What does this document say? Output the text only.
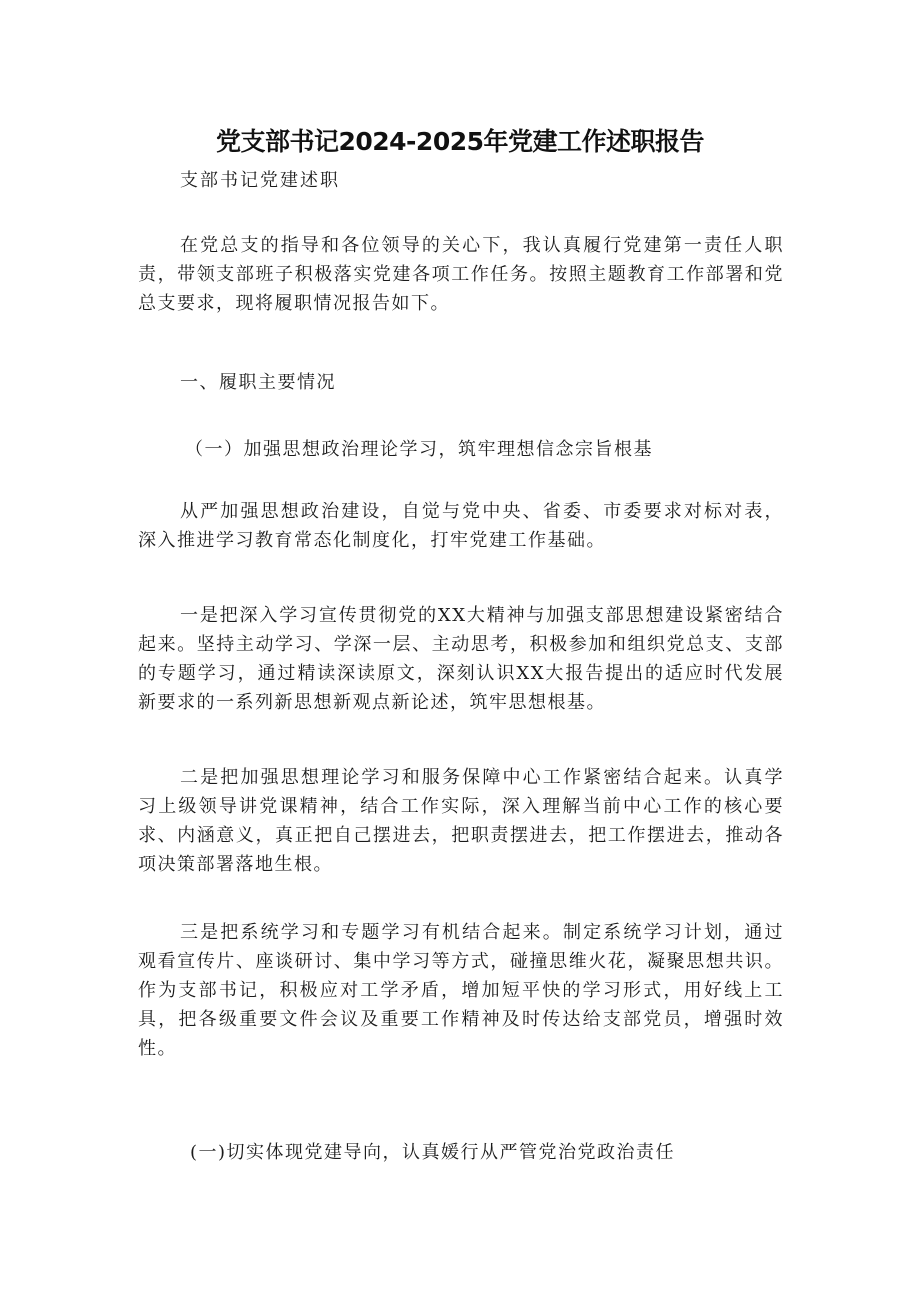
党支部书记2024-2025年党建工作述职报告

支部书记党建述职

在党总支的指导和各位领导的关心下，我认真履行党建第一责任人职责，带领支部班子积极落实党建各项工作任务。按照主题教育工作部署和党总支要求，现将履职情况报告如下。

一、履职主要情况

（一）加强思想政治理论学习，筑牢理想信念宗旨根基

从严加强思想政治建设，自觉与党中央、省委、市委要求对标对表，深入推进学习教育常态化制度化，打牢党建工作基础。

一是把深入学习宣传贯彻党的XX大精神与加强支部思想建设紧密结合起来。坚持主动学习、学深一层、主动思考，积极参加和组织党总支、支部的专题学习，通过精读深读原文，深刻认识XX大报告提出的适应时代发展新要求的一系列新思想新观点新论述，筑牢思想根基。

二是把加强思想理论学习和服务保障中心工作紧密结合起来。认真学习上级领导讲党课精神，结合工作实际，深入理解当前中心工作的核心要求、内涵意义，真正把自己摆进去，把职责摆进去，把工作摆进去，推动各项决策部署落地生根。

三是把系统学习和专题学习有机结合起来。制定系统学习计划，通过观看宣传片、座谈研讨、集中学习等方式，碰撞思维火花，凝聚思想共识。作为支部书记，积极应对工学矛盾，增加短平快的学习形式，用好线上工具，把各级重要文件会议及重要工作精神及时传达给支部党员，增强时效性。

(一)切实体现党建导向，认真媛行从严管党治党政治责任
